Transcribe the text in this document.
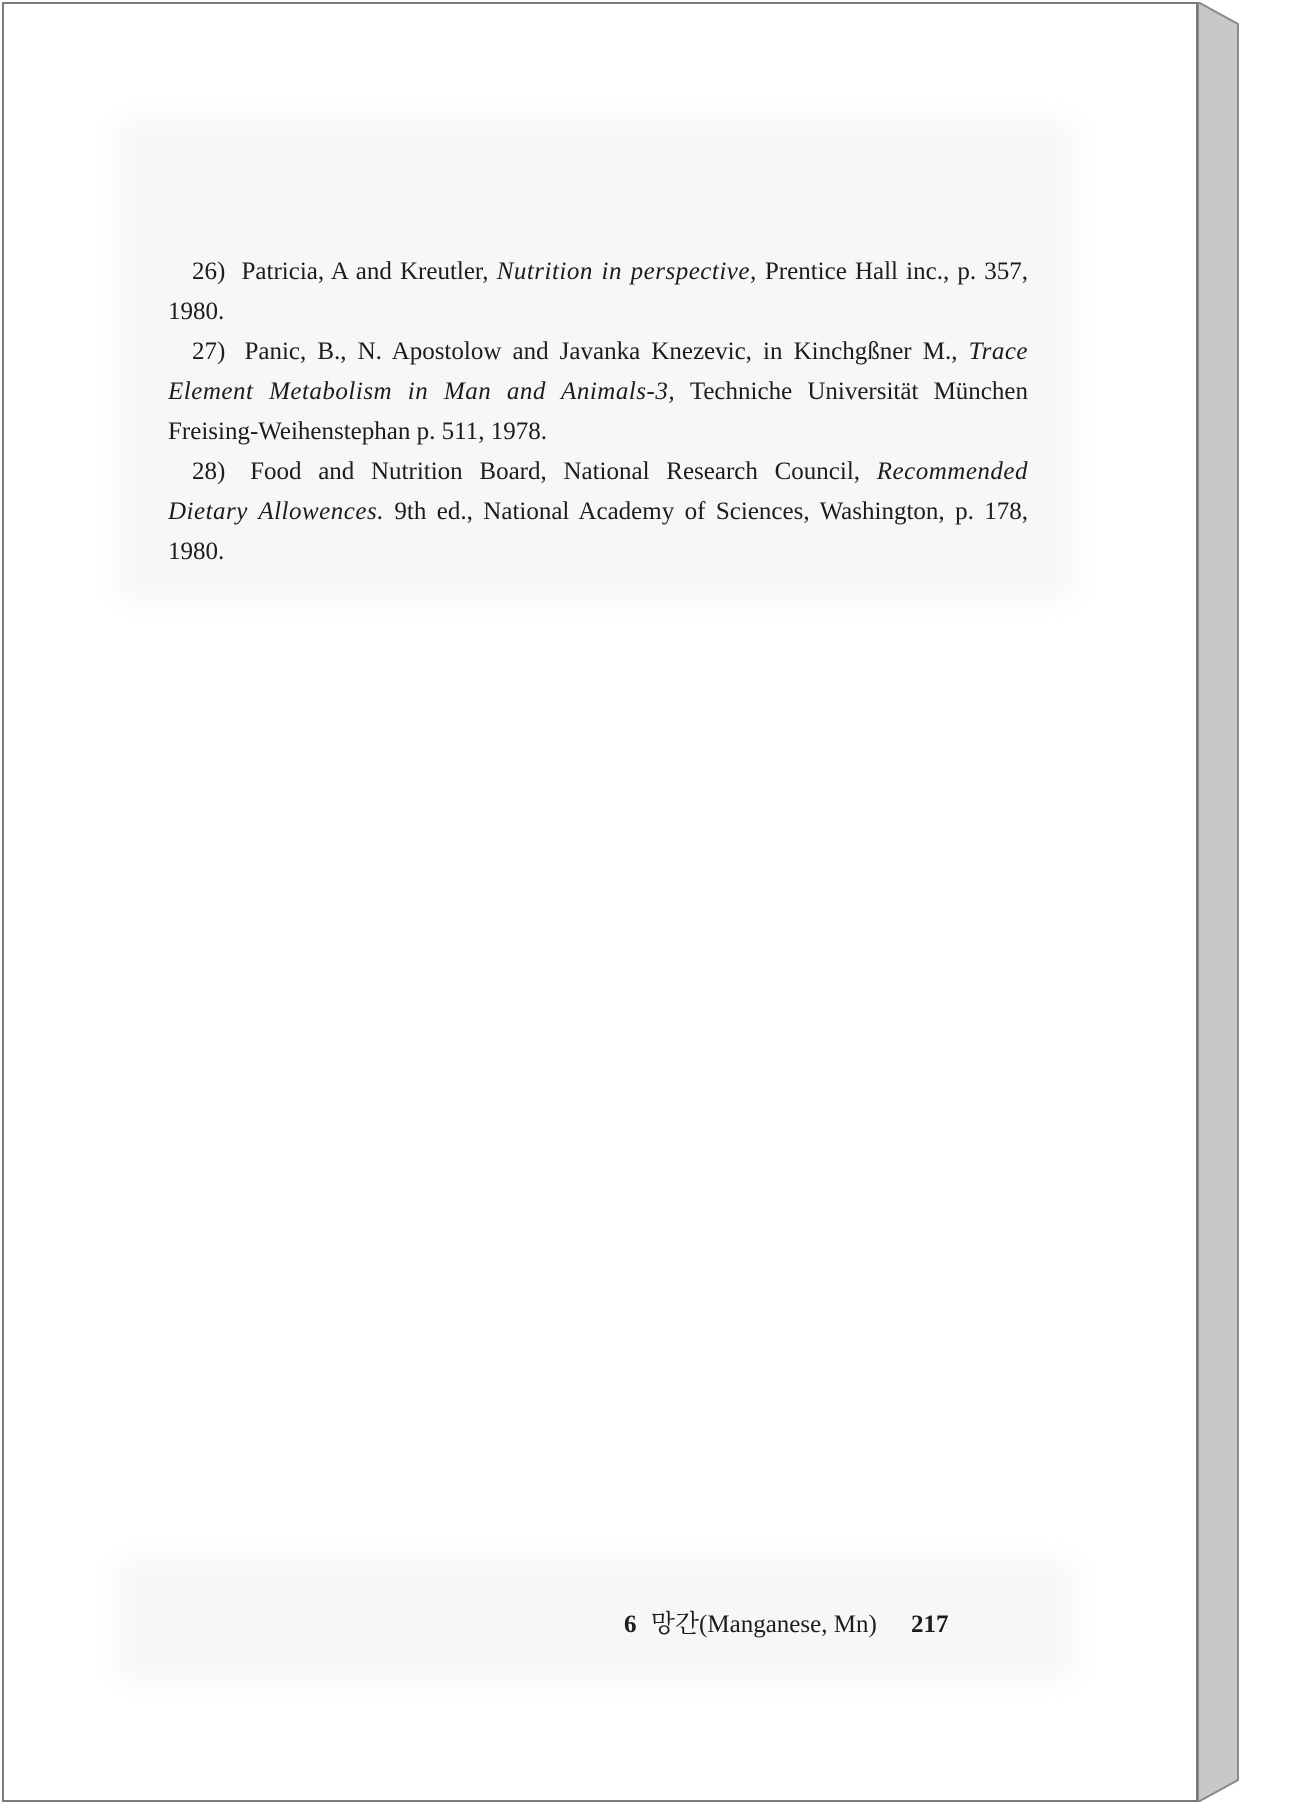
26) Patricia, A and Kreutler, Nutrition in perspective, Prentice Hall inc., p. 357, 1980.

27) Panic, B., N. Apostolow and Javanka Knezevic, in Kinchgßner M., Trace Element Metabolism in Man and Animals-3, Techniche Universität München Freising-Weihenstephan p. 511, 1978.

28) Food and Nutrition Board, National Research Council, Recommended Dietary Allowences. 9th ed., National Academy of Sciences, Washington, p. 178, 1980.

6 망간(Manganese, Mn) 217
